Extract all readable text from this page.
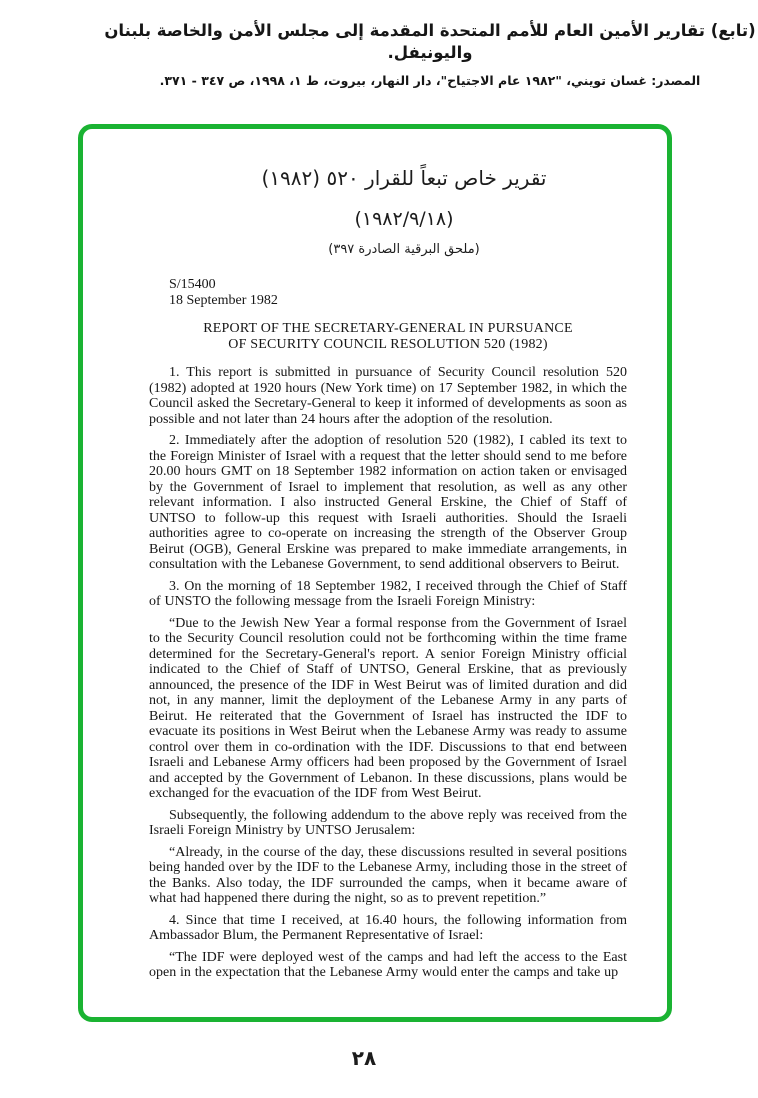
(تابع) تقارير الأمين العام للأمم المتحدة المقدمة إلى مجلس الأمن والخاصة بلبنان واليونيفل.
المصدر: غسان تويني، "١٩٨٢ عام الاجتياح"، دار النهار، بيروت، ط ١، ١٩٩٨، ص ٣٤٧ - ٣٧١.
تقرير خاص تبعاً للقرار ٥٢٠ (١٩٨٢)
(١٩٨٢/٩/١٨)
(ملحق البرقية الصادرة ٣٩٧)
S/15400
18 September 1982
REPORT OF THE SECRETARY-GENERAL IN PURSUANCE
OF SECURITY COUNCIL RESOLUTION 520 (1982)

1. This report is submitted in pursuance of Security Council resolution 520 (1982) adopted at 1920 hours (New York time) on 17 September 1982, in which the Council asked the Secretary-General to keep it informed of developments as soon as possible and not later than 24 hours after the adoption of the resolution.

2. Immediately after the adoption of resolution 520 (1982), I cabled its text to the Foreign Minister of Israel with a request that the letter should send to me before 20.00 hours GMT on 18 September 1982 information on action taken or envisaged by the Government of Israel to implement that resolution, as well as any other relevant information. I also instructed General Erskine, the Chief of Staff of UNTSO to follow-up this request with Israeli authorities. Should the Israeli authorities agree to co-operate on increasing the strength of the Observer Group Beirut (OGB), General Erskine was prepared to make immediate arrangements, in consultation with the Lebanese Government, to send additional observers to Beirut.

3. On the morning of 18 September 1982, I received through the Chief of Staff of UNSTO the following message from the Israeli Foreign Ministry:

“Due to the Jewish New Year a formal response from the Government of Israel to the Security Council resolution could not be forthcoming within the time frame determined for the Secretary-General's report. A senior Foreign Ministry official indicated to the Chief of Staff of UNTSO, General Erskine, that as previously announced, the presence of the IDF in West Beirut was of limited duration and did not, in any manner, limit the deployment of the Lebanese Army in any parts of Beirut. He reiterated that the Government of Israel has instructed the IDF to evacuate its positions in West Beirut when the Lebanese Army was ready to assume control over them in co-ordination with the IDF. Discussions to that end between Israeli and Lebanese Army officers had been proposed by the Government of Israel and accepted by the Government of Lebanon. In these discussions, plans would be exchanged for the evacuation of the IDF from West Beirut.

Subsequently, the following addendum to the above reply was received from the Israeli Foreign Ministry by UNTSO Jerusalem:

“Already, in the course of the day, these discussions resulted in several positions being handed over by the IDF to the Lebanese Army, including those in the street of the Banks. Also today, the IDF surrounded the camps, when it became aware of what had happened there during the night, so as to prevent repetition.”

4. Since that time I received, at 16.40 hours, the following information from Ambassador Blum, the Permanent Representative of Israel:

“The IDF were deployed west of the camps and had left the access to the East open in the expectation that the Lebanese Army would enter the camps and take up

٢٨
